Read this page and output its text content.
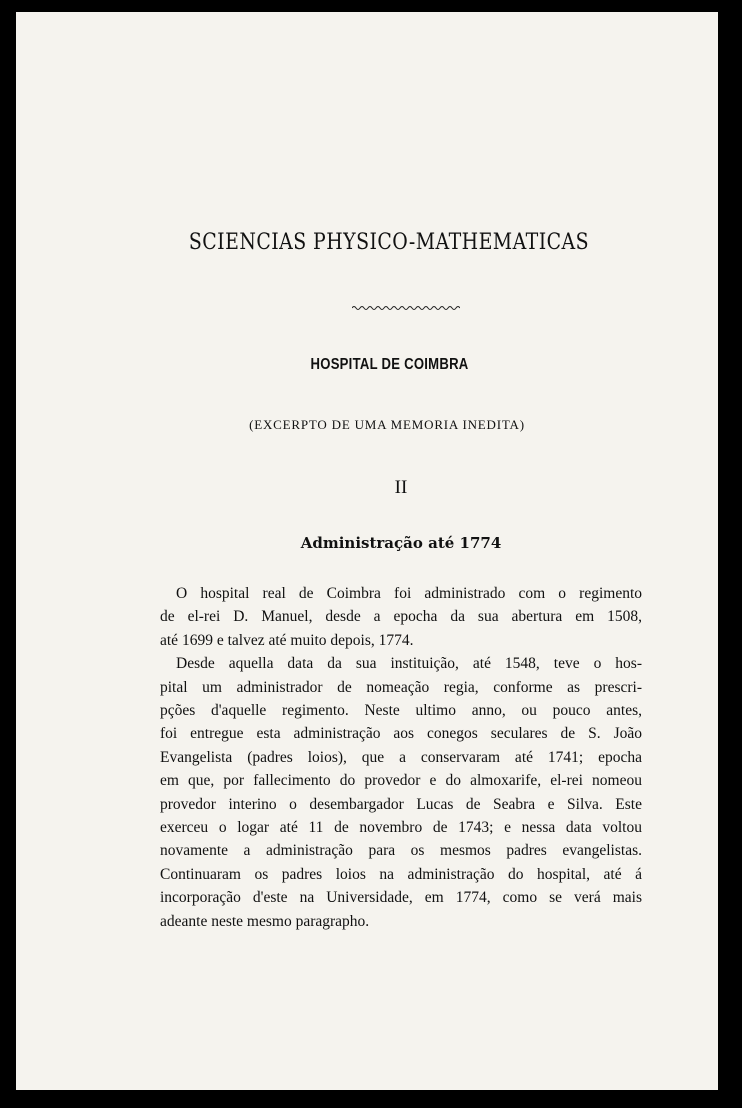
SCIENCIAS PHYSICO-MATHEMATICAS
HOSPITAL DE COIMBRA
(EXCERPTO DE UMA MEMORIA INEDITA)
II
Administração até 1774
O hospital real de Coimbra foi administrado com o regimento
de el-rei D. Manuel, desde a epocha da sua abertura em 1508,
até 1699 e talvez até muito depois, 1774.
Desde aquella data da sua instituição, até 1548, teve o hos-
pital um administrador de nomeação regia, conforme as prescri-
pções d'aquelle regimento. Neste ultimo anno, ou pouco antes,
foi entregue esta administração aos conegos seculares de S. João
Evangelista (padres loios), que a conservaram até 1741; epocha
em que, por fallecimento do provedor e do almoxarife, el-rei nomeou
provedor interino o desembargador Lucas de Seabra e Silva. Este
exerceu o logar até 11 de novembro de 1743; e nessa data voltou
novamente a administração para os mesmos padres evangelistas.
Continuaram os padres loios na administração do hospital, até á
incorporação d'este na Universidade, em 1774, como se verá mais
adeante neste mesmo paragrapho.
